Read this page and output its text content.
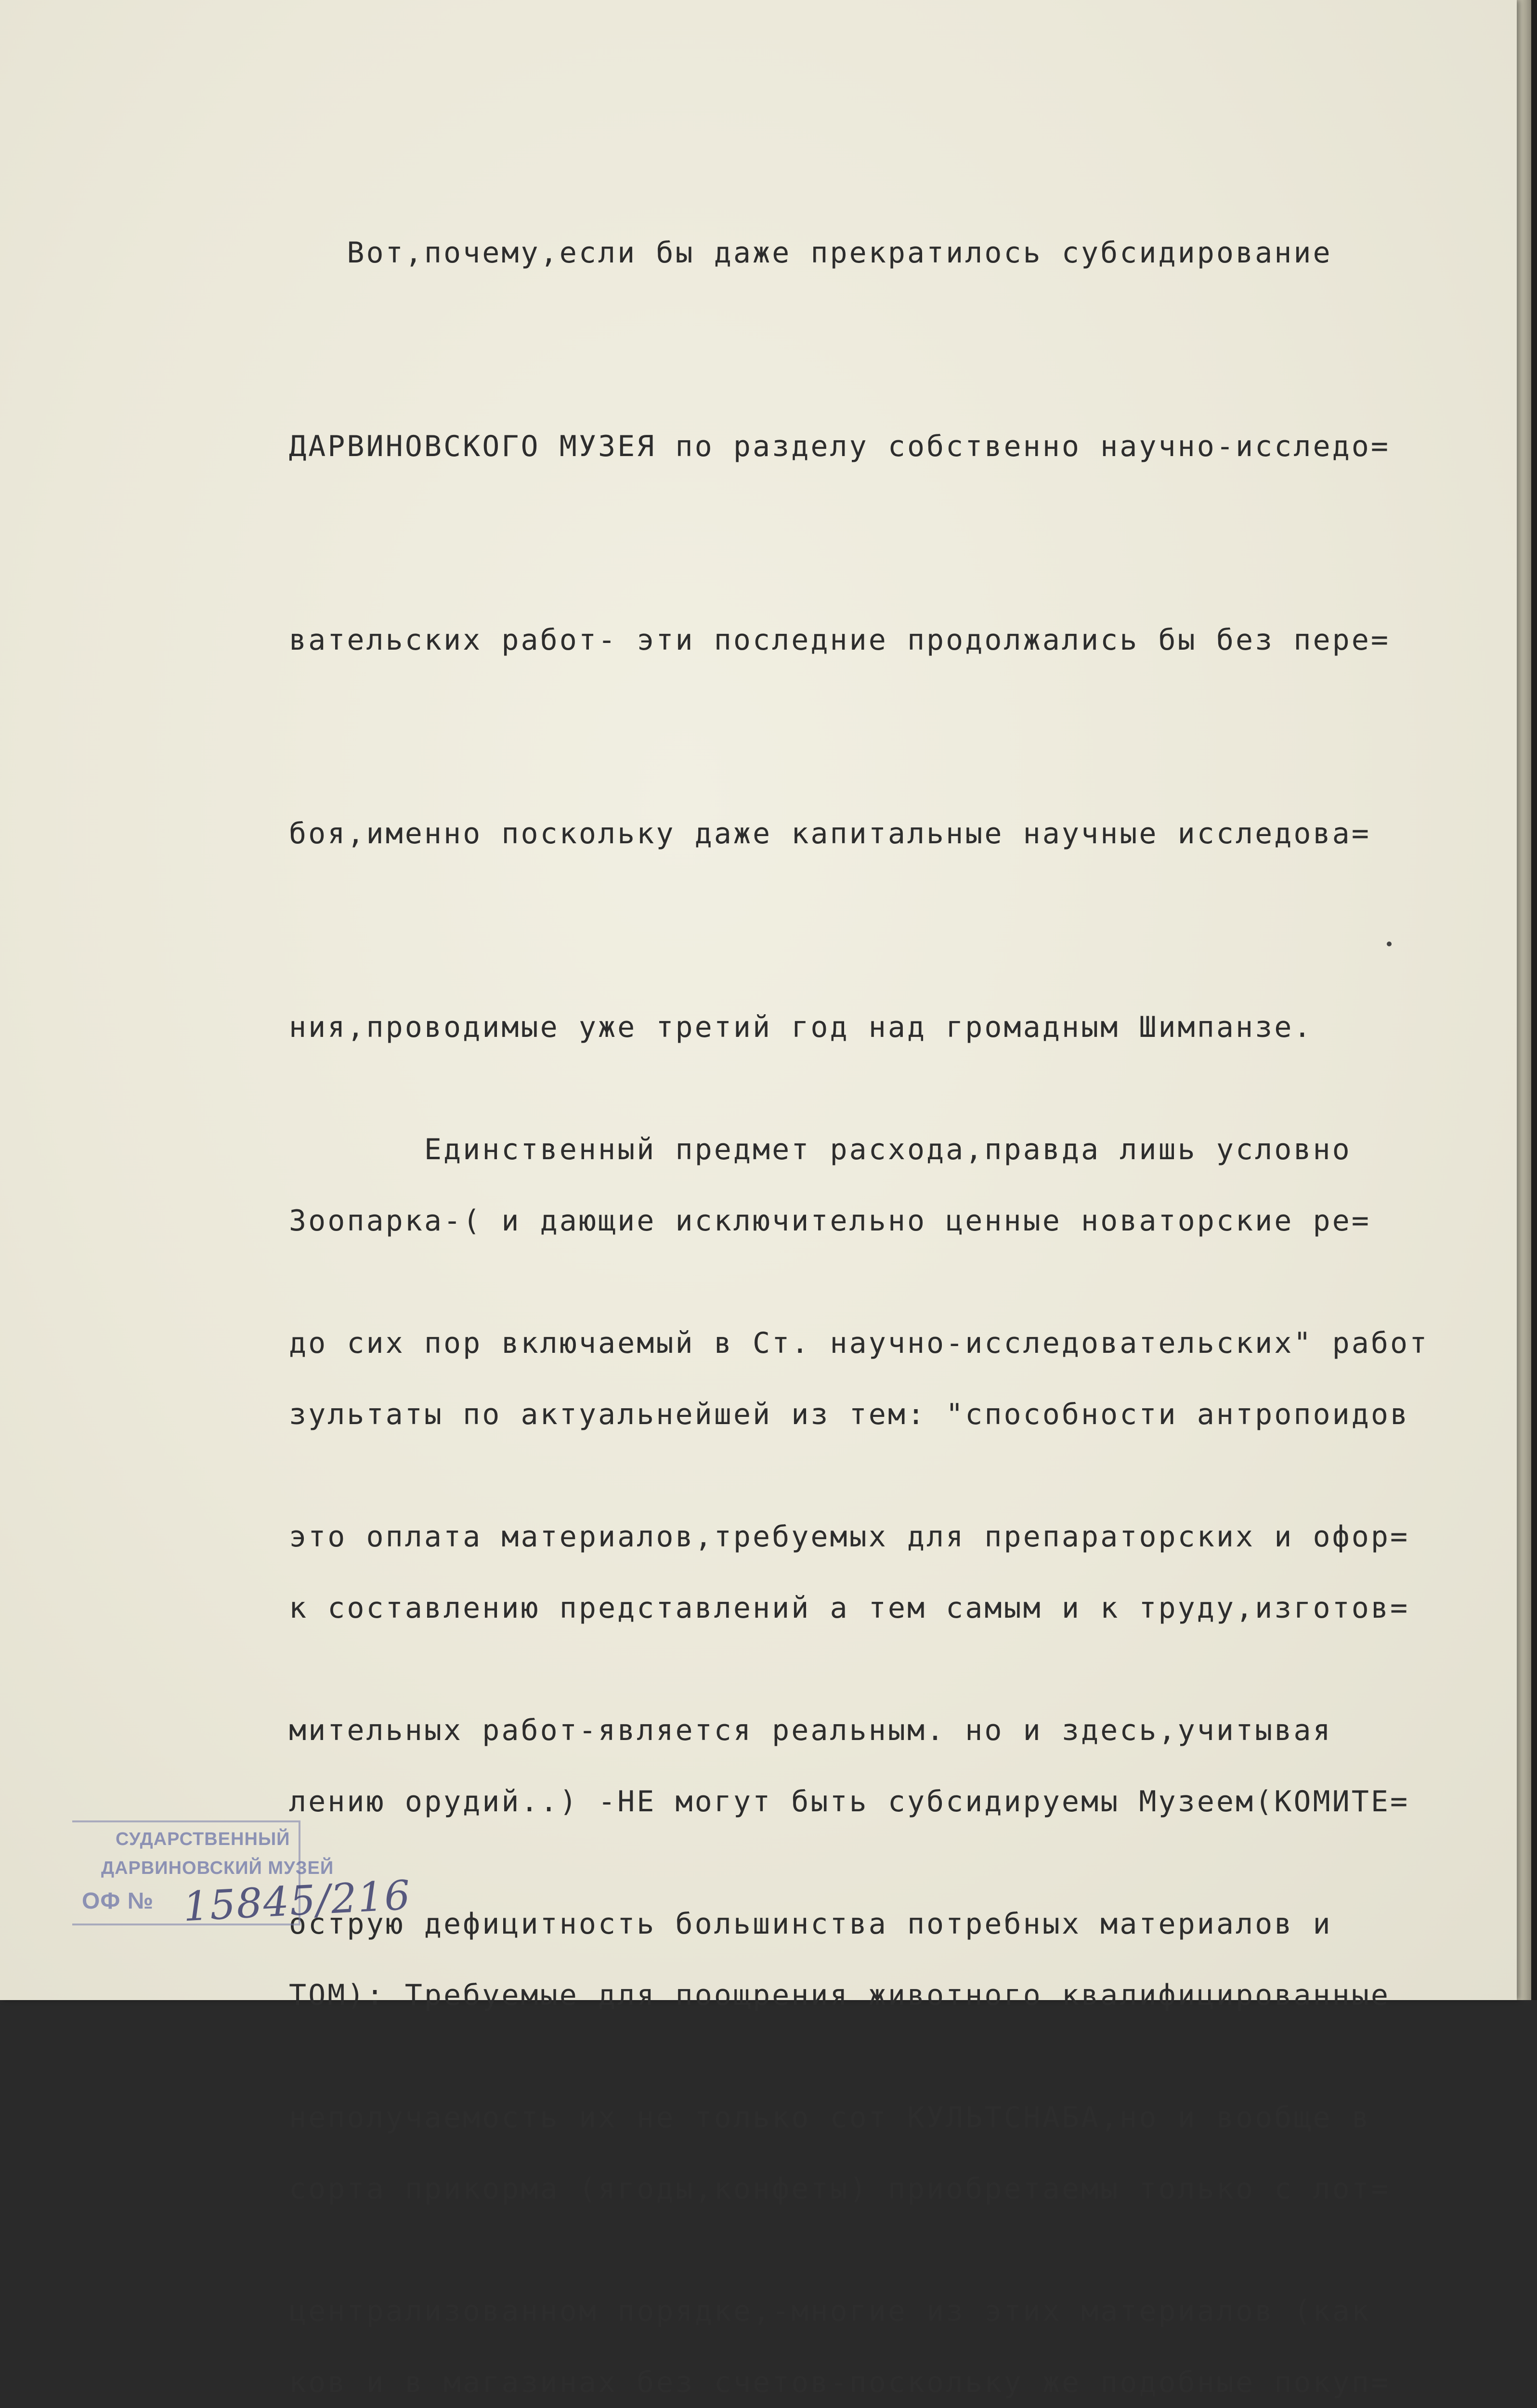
Вот,почему,если бы даже прекратилось субсидирование

ДАРВИНОВСКОГО МУЗЕЯ по разделу собственно научно-исследо=

вательских работ- эти последние продолжались бы без пере=

боя,именно поскольку даже капитальные научные исследова=

ния,проводимые уже третий год над громадным Шимпанзе.

Зоопарка-( и дающие исключительно ценные новаторские ре=

зультаты по актуальнейшей из тем: "способности антропоидов

к составлению представлений а тем самым и к труду,изготов=

лению орудий..) -НЕ могут быть субсидируемы Музеем(КОМИТЕ=

ТОМ): Требуемые для поощрения животного квалифицированные

сорта прикорма (ягоды,конфеты) приобретаемы только с лот=

ков и в магазинах без счетов-поскольку же подобные покуп=

Единственный предмет расхода,правда лишь условно

до сих пор включаемый в Ст. научно-исследовательских" работ

это оплата материалов,требуемых для препараторских и офор=

мительных работ-является реальным. но и здесь,учитывая

острую дефицитность большинства потребных материалов и

неполучаемость их не только сот КУЛЬТСНАБА,но и вообще в

централизованном порядке,-многие из этих материалов (как

СУДАРСТВЕННЫЙ
ДАРВИНОВСКИЙ МУЗЕЙ
ОФ № 15845/216
